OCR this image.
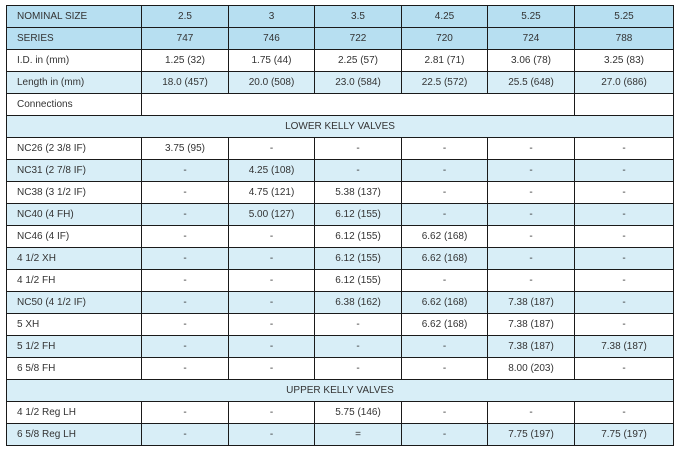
NOMINAL SIZE	2.5	3	3.5	4.25	5.25	5.25
SERIES	747	746	722	720	724	788
I.D. in (mm)	1.25 (32)	1.75 (44)	2.25 (57)	2.81 (71)	3.06 (78)	3.25 (83)
Length in (mm)	18.0 (457)	20.0 (508)	23.0 (584)	22.5 (572)	25.5 (648)	27.0 (686)
Connections						
LOWER KELLY VALVES						
NC26 (2 3/8 IF)	3.75 (95)	-	-	-	-	-
NC31 (2 7/8 IF)	-	4.25 (108)	-	-	-	-
NC38 (3 1/2 IF)	-	4.75 (121)	5.38 (137)	-	-	-
NC40 (4 FH)	-	5.00 (127)	6.12 (155)	-	-	-
NC46 (4 IF)	-	-	6.12 (155)	6.62 (168)	-	-
4 1/2 XH	-	-	6.12 (155)	6.62 (168)	-	-
4 1/2 FH	-	-	6.12 (155)	-	-	-
NC50 (4 1/2 IF)	-	-	6.38 (162)	6.62 (168)	7.38 (187)	-
5 XH	-	-	-	6.62 (168)	7.38 (187)	-
5 1/2 FH	-	-	-	-	7.38 (187)	7.38 (187)
6 5/8 FH	-	-	-	-	8.00 (203)	-
UPPER KELLY VALVES						
4 1/2 Reg LH	-	-	5.75 (146)	-	-	-
6 5/8 Reg LH	-	-	=	-	7.75 (197)	7.75 (197)
